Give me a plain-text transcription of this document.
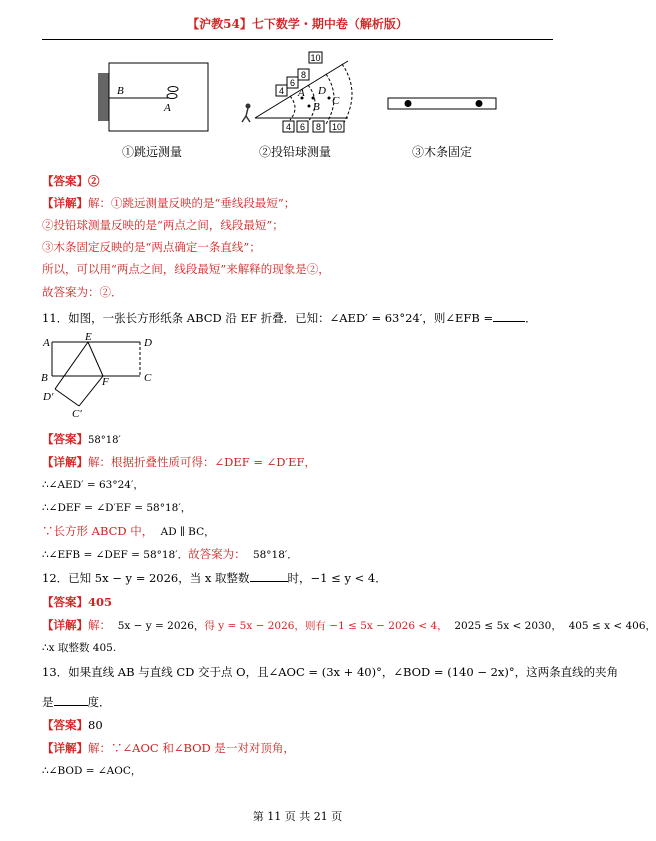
【沪教54】七下数学・期中卷（解析版）
B
A
A D
B C
4
6
8
10
4 6 8 10
①跳远测量	②投铅球测量	③木条固定
【答案】②
【详解】解：①跳远测量反映的是“垂线段最短”；
②投铅球测量反映的是“两点之间，线段最短”；
③木条固定反映的是“两点确定一条直线”；
所以，可以用“两点之间，线段最短”来解释的现象是②，
故答案为：②．
11．如图，一张长方形纸条 ABCD 沿 EF 折叠．已知：∠AED′ = 63°24′，则∠EFB =	．
A	E	D
B	F	C
D′
C′
【答案】58°18′
【详解】解：根据折叠性质可得：∠DEF = ∠D′EF，
∴∠AED′ = 63°24′，
∴∠DEF = ∠D′EF = 58°18′，
∵长方形 ABCD 中， AD ∥ BC，
∴∠EFB = ∠DEF = 58°18′．故答案为： 58°18′．
12．已知 5x − y = 2026，当 x 取整数	时，−1 ≤ y < 4．
【答案】405
【详解】解： 5x − y = 2026，得 y = 5x − 2026，则有 −1 ≤ 5x − 2026 < 4， 2025 ≤ 5x < 2030， 405 ≤ x < 406，
∴x 取整数 405.
13．如果直线 AB 与直线 CD 交于点 O，且∠AOC = (3x + 40)°，∠BOD = (140 − 2x)°，这两条直线的夹角
是	度．
【答案】80
【详解】解：∵∠AOC 和∠BOD 是一对对顶角，
∴∠BOD = ∠AOC，
第 11 页 共 21 页
